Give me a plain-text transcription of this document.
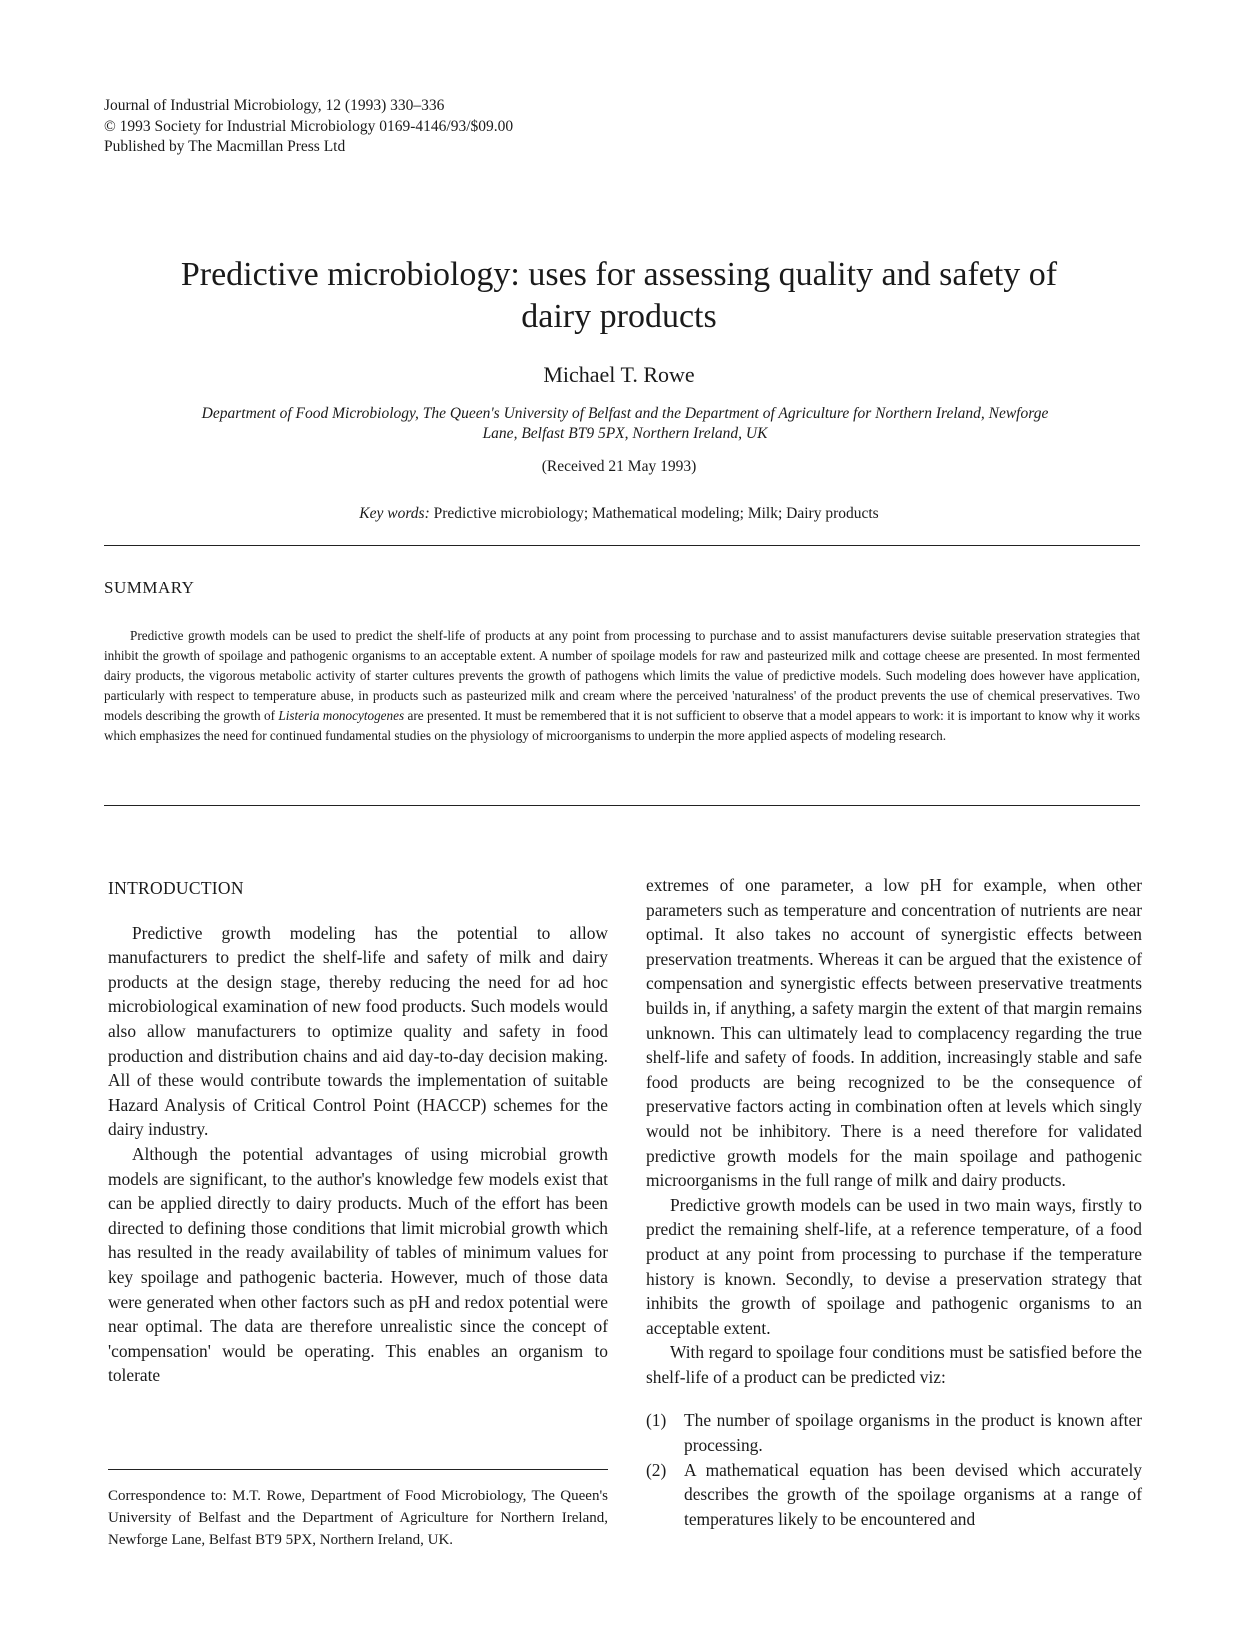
Journal of Industrial Microbiology, 12 (1993) 330–336
© 1993 Society for Industrial Microbiology 0169-4146/93/$09.00
Published by The Macmillan Press Ltd
Predictive microbiology: uses for assessing quality and safety of
dairy products
Michael T. Rowe
Department of Food Microbiology, The Queen's University of Belfast and the Department of Agriculture for Northern Ireland, Newforge
Lane, Belfast BT9 5PX, Northern Ireland, UK
(Received 21 May 1993)
Key words: Predictive microbiology; Mathematical modeling; Milk; Dairy products
SUMMARY
Predictive growth models can be used to predict the shelf-life of products at any point from processing to purchase and to assist manufacturers devise suitable preservation strategies that inhibit the growth of spoilage and pathogenic organisms to an acceptable extent. A number of spoilage models for raw and pasteurized milk and cottage cheese are presented. In most fermented dairy products, the vigorous metabolic activity of starter cultures prevents the growth of pathogens which limits the value of predictive models. Such modeling does however have application, particularly with respect to temperature abuse, in products such as pasteurized milk and cream where the perceived 'naturalness' of the product prevents the use of chemical preservatives. Two models describing the growth of Listeria monocytogenes are presented. It must be remembered that it is not sufficient to observe that a model appears to work: it is important to know why it works which emphasizes the need for continued fundamental studies on the physiology of microorganisms to underpin the more applied aspects of modeling research.
INTRODUCTION

Predictive growth modeling has the potential to allow manufacturers to predict the shelf-life and safety of milk and dairy products at the design stage, thereby reducing the need for ad hoc microbiological examination of new food products. Such models would also allow manufacturers to optimize quality and safety in food production and distribution chains and aid day-to-day decision making. All of these would contribute towards the implementation of suitable Hazard Analysis of Critical Control Point (HACCP) schemes for the dairy industry.

Although the potential advantages of using microbial growth models are significant, to the author's knowledge few models exist that can be applied directly to dairy products. Much of the effort has been directed to defining those conditions that limit microbial growth which has resulted in the ready availability of tables of minimum values for key spoilage and pathogenic bacteria. However, much of those data were generated when other factors such as pH and redox potential were near optimal. The data are therefore unrealistic since the concept of 'compensation' would be operating. This enables an organism to tolerate

extremes of one parameter, a low pH for example, when other parameters such as temperature and concentration of nutrients are near optimal. It also takes no account of synergistic effects between preservation treatments. Whereas it can be argued that the existence of compensation and synergistic effects between preservative treatments builds in, if anything, a safety margin the extent of that margin remains unknown. This can ultimately lead to complacency regarding the true shelf-life and safety of foods. In addition, increasingly stable and safe food products are being recognized to be the consequence of preservative factors acting in combination often at levels which singly would not be inhibitory. There is a need therefore for validated predictive growth models for the main spoilage and pathogenic microorganisms in the full range of milk and dairy products.

Predictive growth models can be used in two main ways, firstly to predict the remaining shelf-life, at a reference temperature, of a food product at any point from processing to purchase if the temperature history is known. Secondly, to devise a preservation strategy that inhibits the growth of spoilage and pathogenic organisms to an acceptable extent.

With regard to spoilage four conditions must be satisfied before the shelf-life of a product can be predicted viz:

(1)	The number of spoilage organisms in the product is known after processing.
(2)	A mathematical equation has been devised which accurately describes the growth of the spoilage organisms at a range of temperatures likely to be encountered and
Correspondence to: M.T. Rowe, Department of Food Microbiology, The Queen's University of Belfast and the Department of Agriculture for Northern Ireland, Newforge Lane, Belfast BT9 5PX, Northern Ireland, UK.
